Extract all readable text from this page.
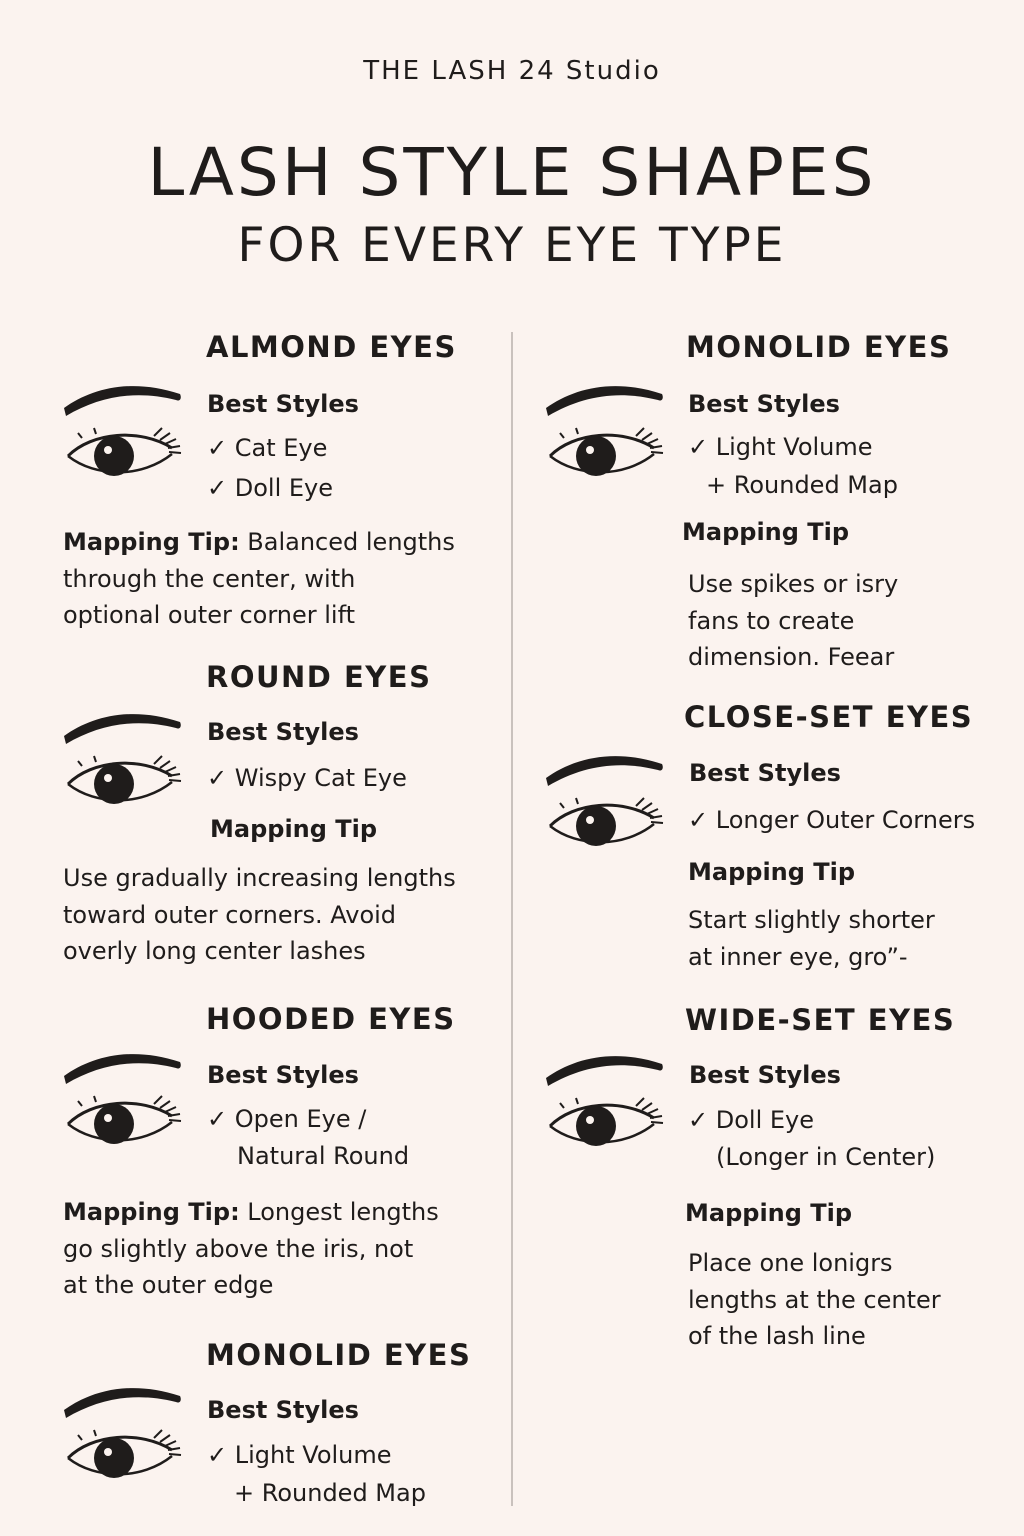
THE LASH 24 Studio
LASH STYLE SHAPES
FOR EVERY EYE TYPE
ALMOND EYES
Best Styles
✓ Cat Eye
✓ Doll Eye
Mapping Tip: Balanced lengths
through the center, with
optional outer corner lift
ROUND EYES
Best Styles
✓ Wispy Cat Eye
Mapping Tip
Use gradually increasing lengths
toward outer corners. Avoid
overly long center lashes
HOODED EYES
Best Styles
✓ Open Eye /
Natural Round
Mapping Tip: Longest lengths
go slightly above the iris, not
at the outer edge
MONOLID EYES
Best Styles
✓ Light Volume
+ Rounded Map
MONOLID EYES
Best Styles
✓ Light Volume
+ Rounded Map
Mapping Tip
Use spikes or isry
fans to create
dimension. Feear
CLOSE-SET EYES
Best Styles
✓ Longer Outer Corners
Mapping Tip
Start slightly shorter
at inner eye, gro”-
WIDE-SET EYES
Best Styles
✓ Doll Eye
(Longer in Center)
Mapping Tip
Place one lonigrs
lengths at the center
of the lash line
